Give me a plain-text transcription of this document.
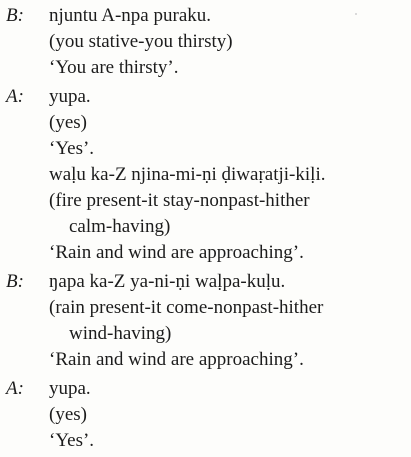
B:	njuntu A-npa puraku.
(you stative-you thirsty)
‘You are thirsty’.
A:	yupa.
(yes)
‘Yes’.
waḷu ka-Z njina-mi-ṇi ḍiwaṛatji-kiḷi.
(fire present-it stay-nonpast-hither
calm-having)
‘Rain and wind are approaching’.
B:	ŋapa ka-Z ya-ni-ṇi waḷpa-kuḷu.
(rain present-it come-nonpast-hither
wind-having)
‘Rain and wind are approaching’.
A:	yupa.
(yes)
‘Yes’.
